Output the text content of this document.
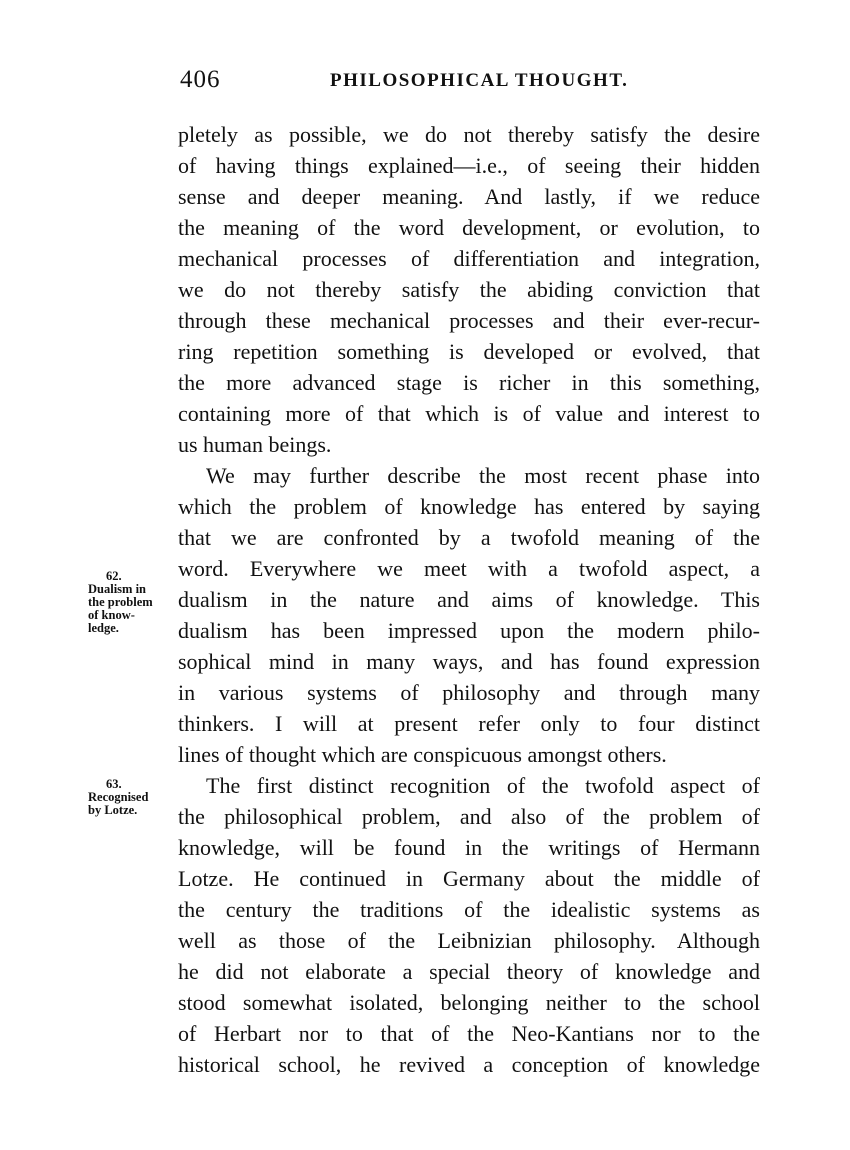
406	PHILOSOPHICAL THOUGHT.
pletely as possible, we do not thereby satisfy the desire
of having things explained—i.e., of seeing their hidden
sense and deeper meaning. And lastly, if we reduce
the meaning of the word development, or evolution, to
mechanical processes of differentiation and integration,
we do not thereby satisfy the abiding conviction that
through these mechanical processes and their ever-recur-
ring repetition something is developed or evolved, that
the more advanced stage is richer in this something,
containing more of that which is of value and interest to
us human beings.
We may further describe the most recent phase into
which the problem of knowledge has entered by saying
that we are confronted by a twofold meaning of the
word. Everywhere we meet with a twofold aspect, a
dualism in the nature and aims of knowledge. This
dualism has been impressed upon the modern philo-
sophical mind in many ways, and has found expression
in various systems of philosophy and through many
thinkers. I will at present refer only to four distinct
lines of thought which are conspicuous amongst others.
The first distinct recognition of the twofold aspect of
the philosophical problem, and also of the problem of
knowledge, will be found in the writings of Hermann
Lotze. He continued in Germany about the middle of
the century the traditions of the idealistic systems as
well as those of the Leibnizian philosophy. Although
he did not elaborate a special theory of knowledge and
stood somewhat isolated, belonging neither to the school
of Herbart nor to that of the Neo-Kantians nor to the
historical school, he revived a conception of knowledge
62.
Dualism in
the problem
of know-
ledge.
63.
Recognised
by Lotze.
